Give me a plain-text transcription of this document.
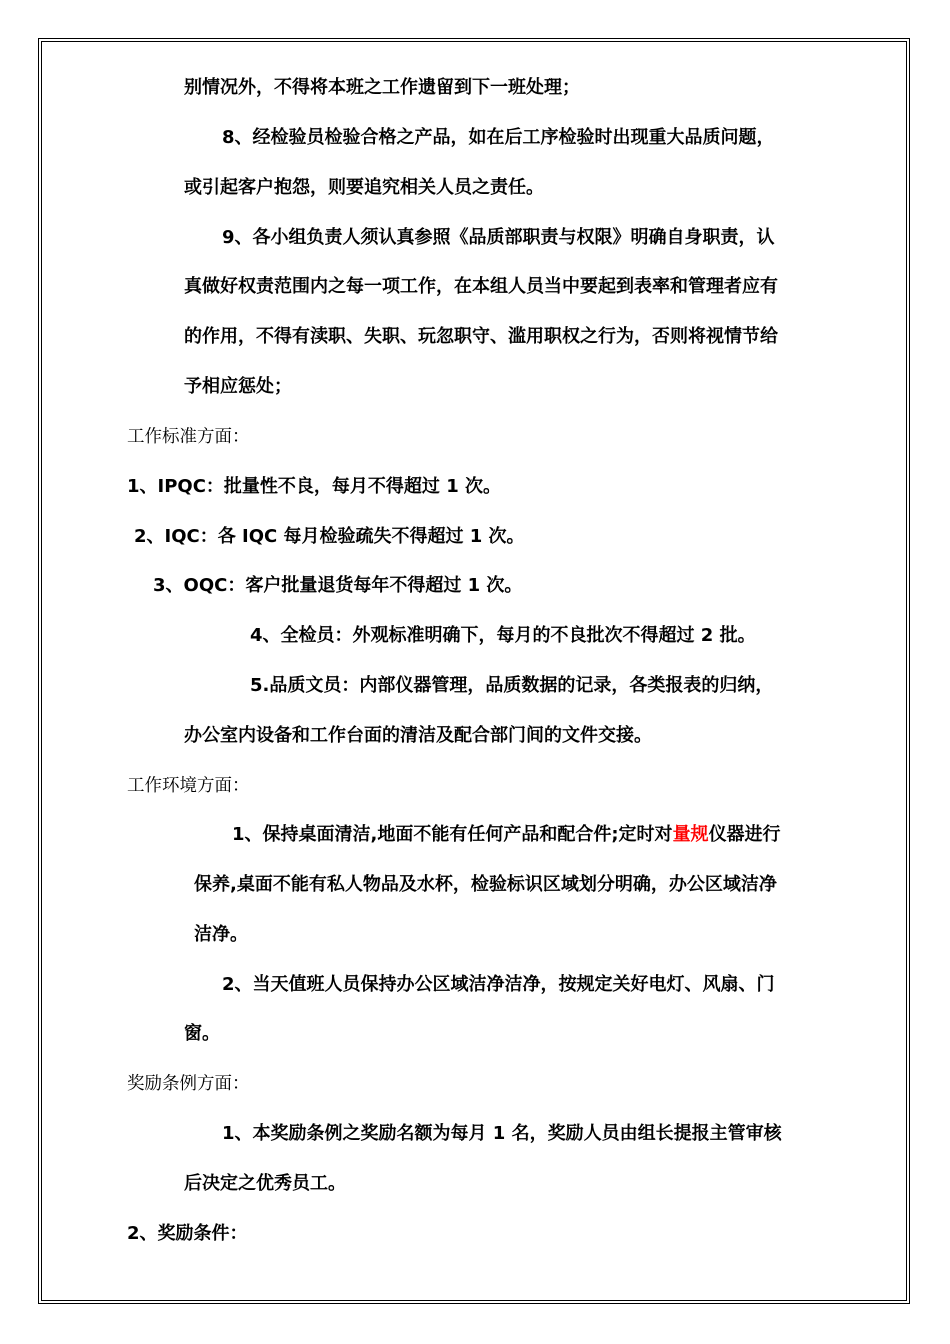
别情况外，不得将本班之工作遗留到下一班处理；
8、经检验员检验合格之产品，如在后工序检验时出现重大品质问题，
或引起客户抱怨，则要追究相关人员之责任。
9、各小组负责人须认真参照《品质部职责与权限》明确自身职责，认
真做好权责范围内之每一项工作，在本组人员当中要起到表率和管理者应有
的作用，不得有渎职、失职、玩忽职守、滥用职权之行为，否则将视情节给
予相应惩处；
工作标准方面：
1、IPQC：批量性不良，每月不得超过 1 次。
2、IQC：各 IQC 每月检验疏失不得超过 1 次。
3、OQC：客户批量退货每年不得超过 1 次。
4、全检员：外观标准明确下，每月的不良批次不得超过 2 批。
5.品质文员：内部仪器管理，品质数据的记录，各类报表的归纳，
办公室内设备和工作台面的清洁及配合部门间的文件交接。
工作环境方面：
1、保持桌面清洁,地面不能有任何产品和配合件;定时对量规仪器进行
保养,桌面不能有私人物品及水杯，检验标识区域划分明确，办公区域洁净
洁净。
2、当天值班人员保持办公区域洁净洁净，按规定关好电灯、风扇、门
窗。
奖励条例方面：
1、本奖励条例之奖励名额为每月 1 名，奖励人员由组长提报主管审核
后决定之优秀员工。
2、奖励条件：
